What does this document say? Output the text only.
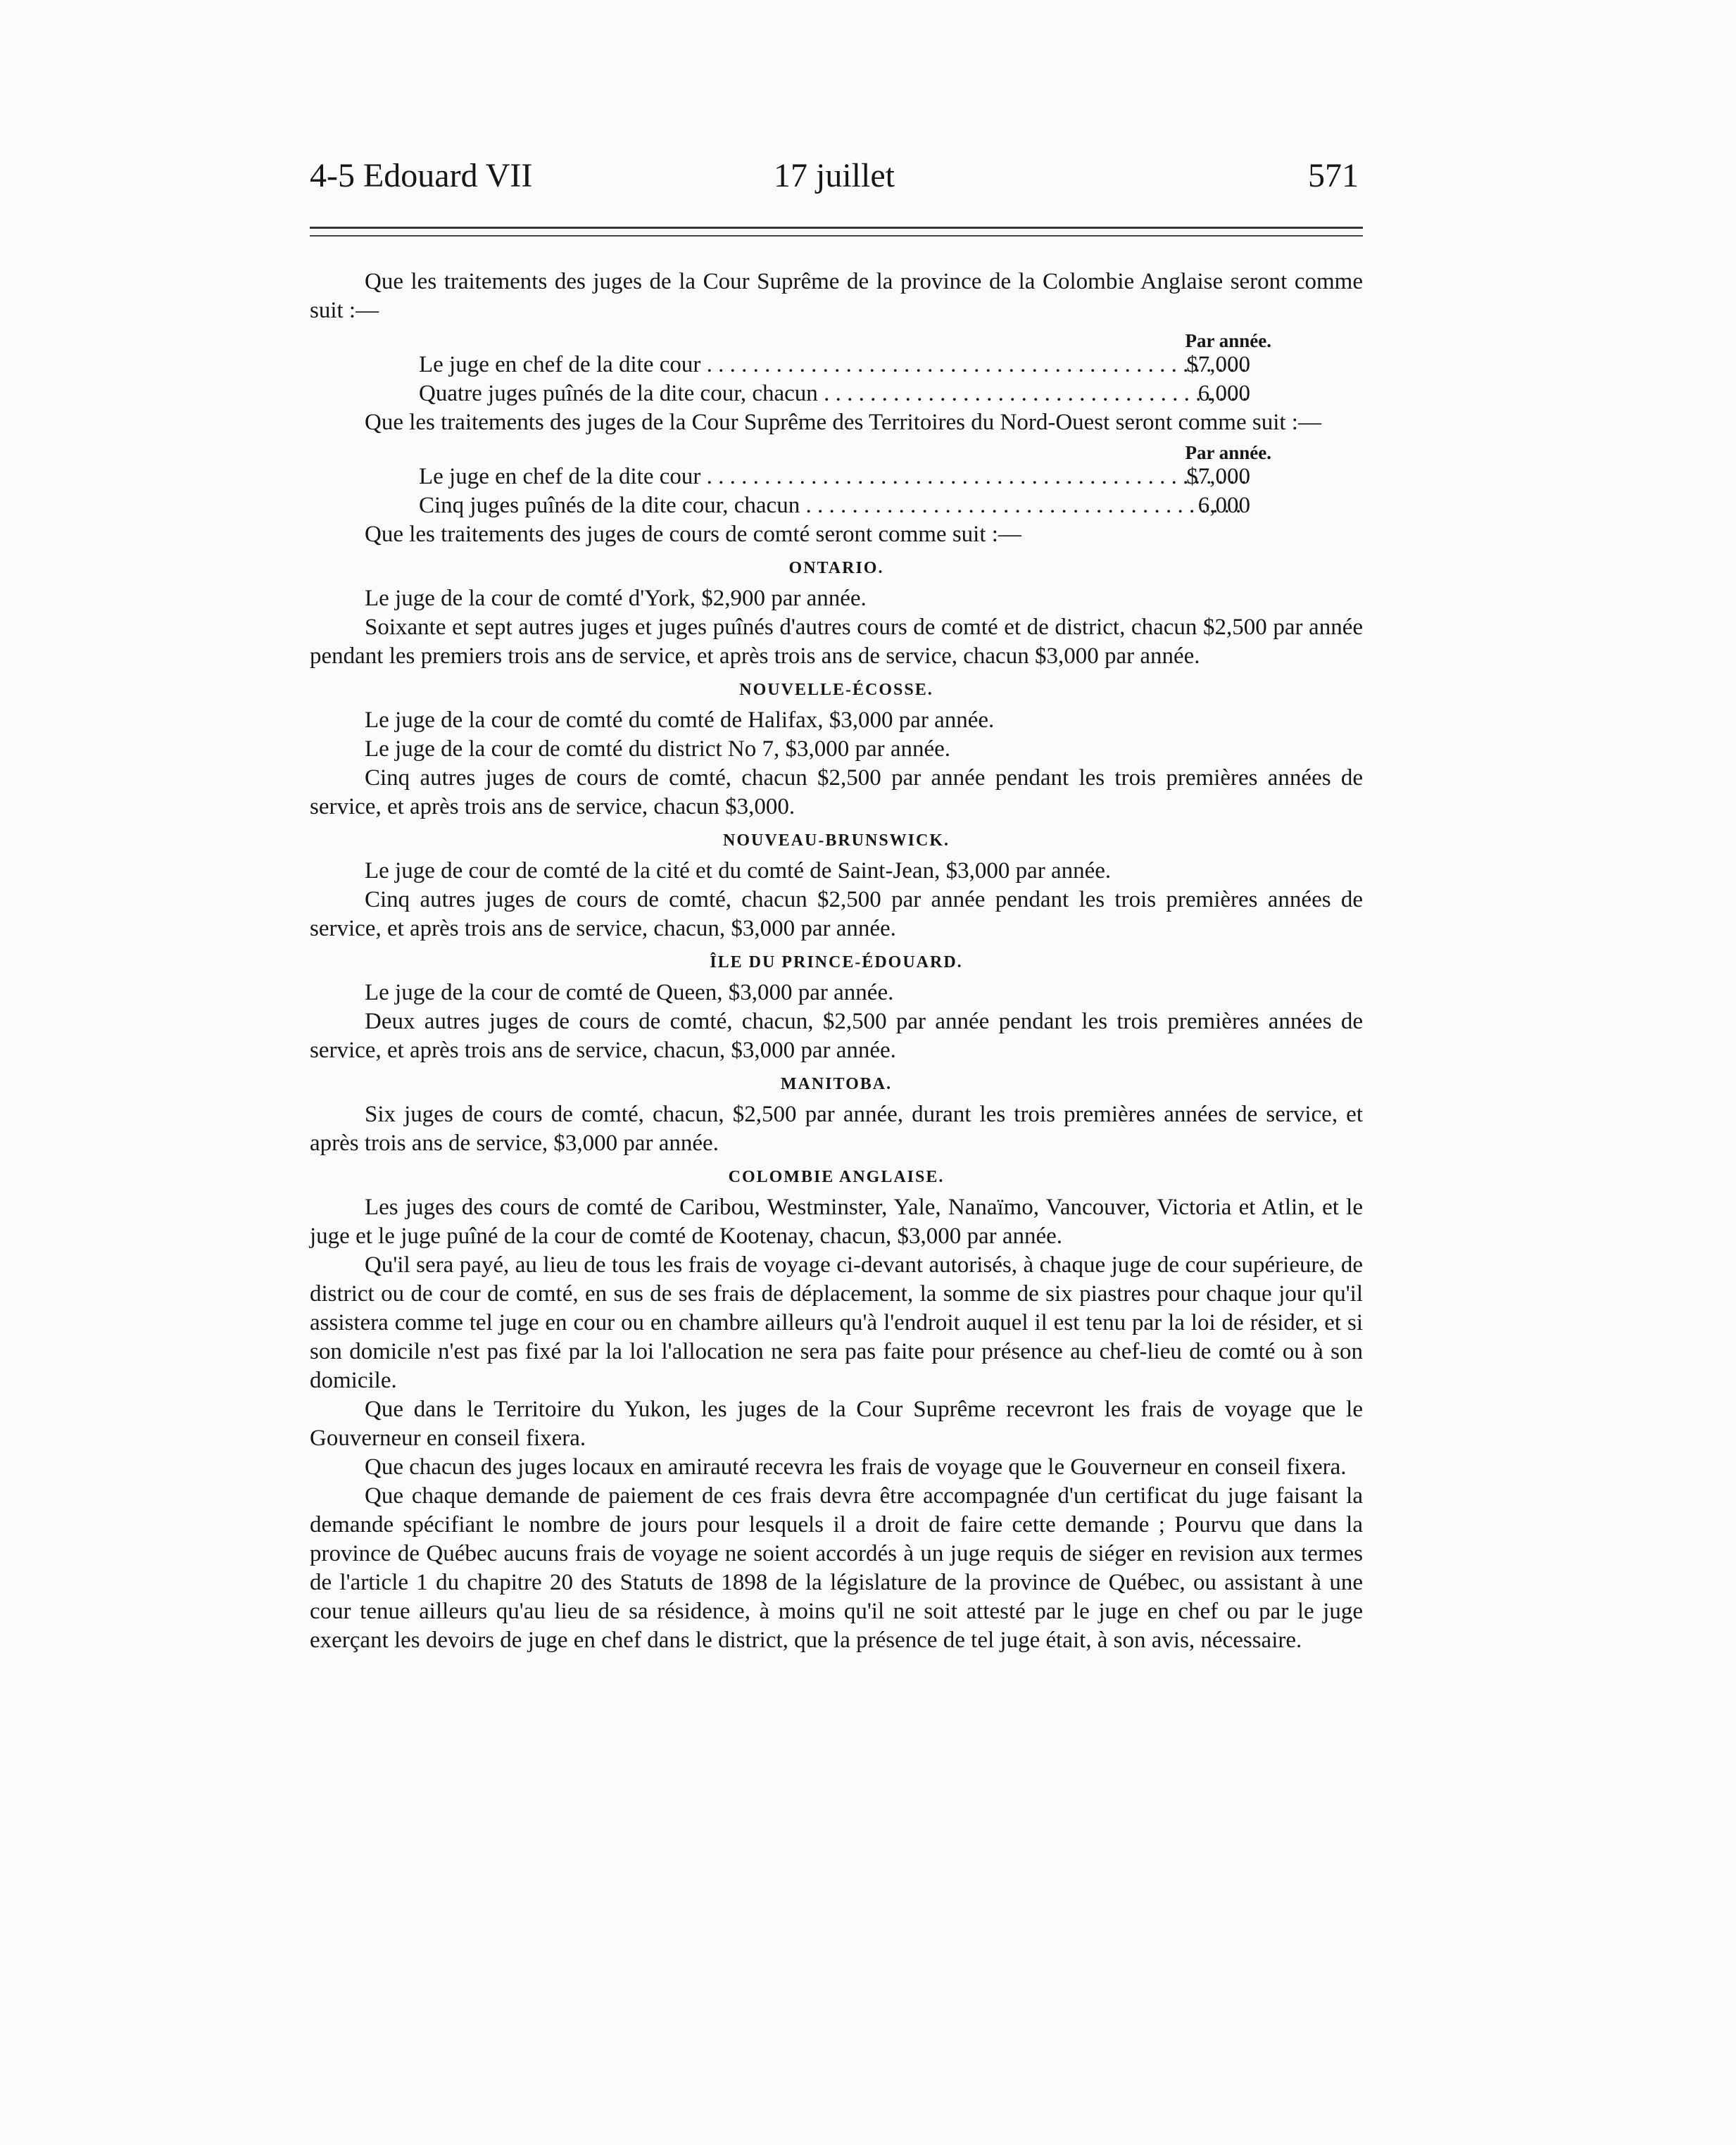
4-5 Edouard VII	17 juillet	571

Que les traitements des juges de la Cour Suprême de la province de la Colombie Anglaise seront comme suit :—

Par année.
Le juge en chef de la dite cour . . .	$7,000
Quatre juges puînés de la dite cour, chacun . . .	6,000

Que les traitements des juges de la Cour Suprême des Territoires du Nord-Ouest seront comme suit :—

Par année.
Le juge en chef de la dite cour . . .	$7,000
Cinq juges puînés de la dite cour, chacun . . .	6,000

Que les traitements des juges de cours de comté seront comme suit :—

ONTARIO.

Le juge de la cour de comté d'York, $2,900 par année.

Soixante et sept autres juges et juges puînés d'autres cours de comté et de district, chacun $2,500 par année pendant les premiers trois ans de service, et après trois ans de service, chacun $3,000 par année.

NOUVELLE-ÉCOSSE.

Le juge de la cour de comté du comté de Halifax, $3,000 par année.

Le juge de la cour de comté du district No 7, $3,000 par année.

Cinq autres juges de cours de comté, chacun $2,500 par année pendant les trois premières années de service, et après trois ans de service, chacun $3,000.

NOUVEAU-BRUNSWICK.

Le juge de cour de comté de la cité et du comté de Saint-Jean, $3,000 par année.

Cinq autres juges de cours de comté, chacun $2,500 par année pendant les trois premières années de service, et après trois ans de service, chacun, $3,000 par année.

ÎLE DU PRINCE-ÉDOUARD.

Le juge de la cour de comté de Queen, $3,000 par année.

Deux autres juges de cours de comté, chacun, $2,500 par année pendant les trois premières années de service, et après trois ans de service, chacun, $3,000 par année.

MANITOBA.

Six juges de cours de comté, chacun, $2,500 par année, durant les trois premières années de service, et après trois ans de service, $3,000 par année.

COLOMBIE ANGLAISE.

Les juges des cours de comté de Caribou, Westminster, Yale, Nanaïmo, Vancouver, Victoria et Atlin, et le juge et le juge puîné de la cour de comté de Kootenay, chacun, $3,000 par année.

Qu'il sera payé, au lieu de tous les frais de voyage ci-devant autorisés, à chaque juge de cour supérieure, de district ou de cour de comté, en sus de ses frais de déplacement, la somme de six piastres pour chaque jour qu'il assistera comme tel juge en cour ou en chambre ailleurs qu'à l'endroit auquel il est tenu par la loi de résider, et si son domicile n'est pas fixé par la loi l'allocation ne sera pas faite pour présence au chef-lieu de comté ou à son domicile.

Que dans le Territoire du Yukon, les juges de la Cour Suprême recevront les frais de voyage que le Gouverneur en conseil fixera.

Que chacun des juges locaux en amirauté recevra les frais de voyage que le Gouverneur en conseil fixera.

Que chaque demande de paiement de ces frais devra être accompagnée d'un certificat du juge faisant la demande spécifiant le nombre de jours pour lesquels il a droit de faire cette demande ; Pourvu que dans la province de Québec aucuns frais de voyage ne soient accordés à un juge requis de siéger en revision aux termes de l'article 1 du chapitre 20 des Statuts de 1898 de la législature de la province de Québec, ou assistant à une cour tenue ailleurs qu'au lieu de sa résidence, à moins qu'il ne soit attesté par le juge en chef ou par le juge exerçant les devoirs de juge en chef dans le district, que la présence de tel juge était, à son avis, nécessaire.
